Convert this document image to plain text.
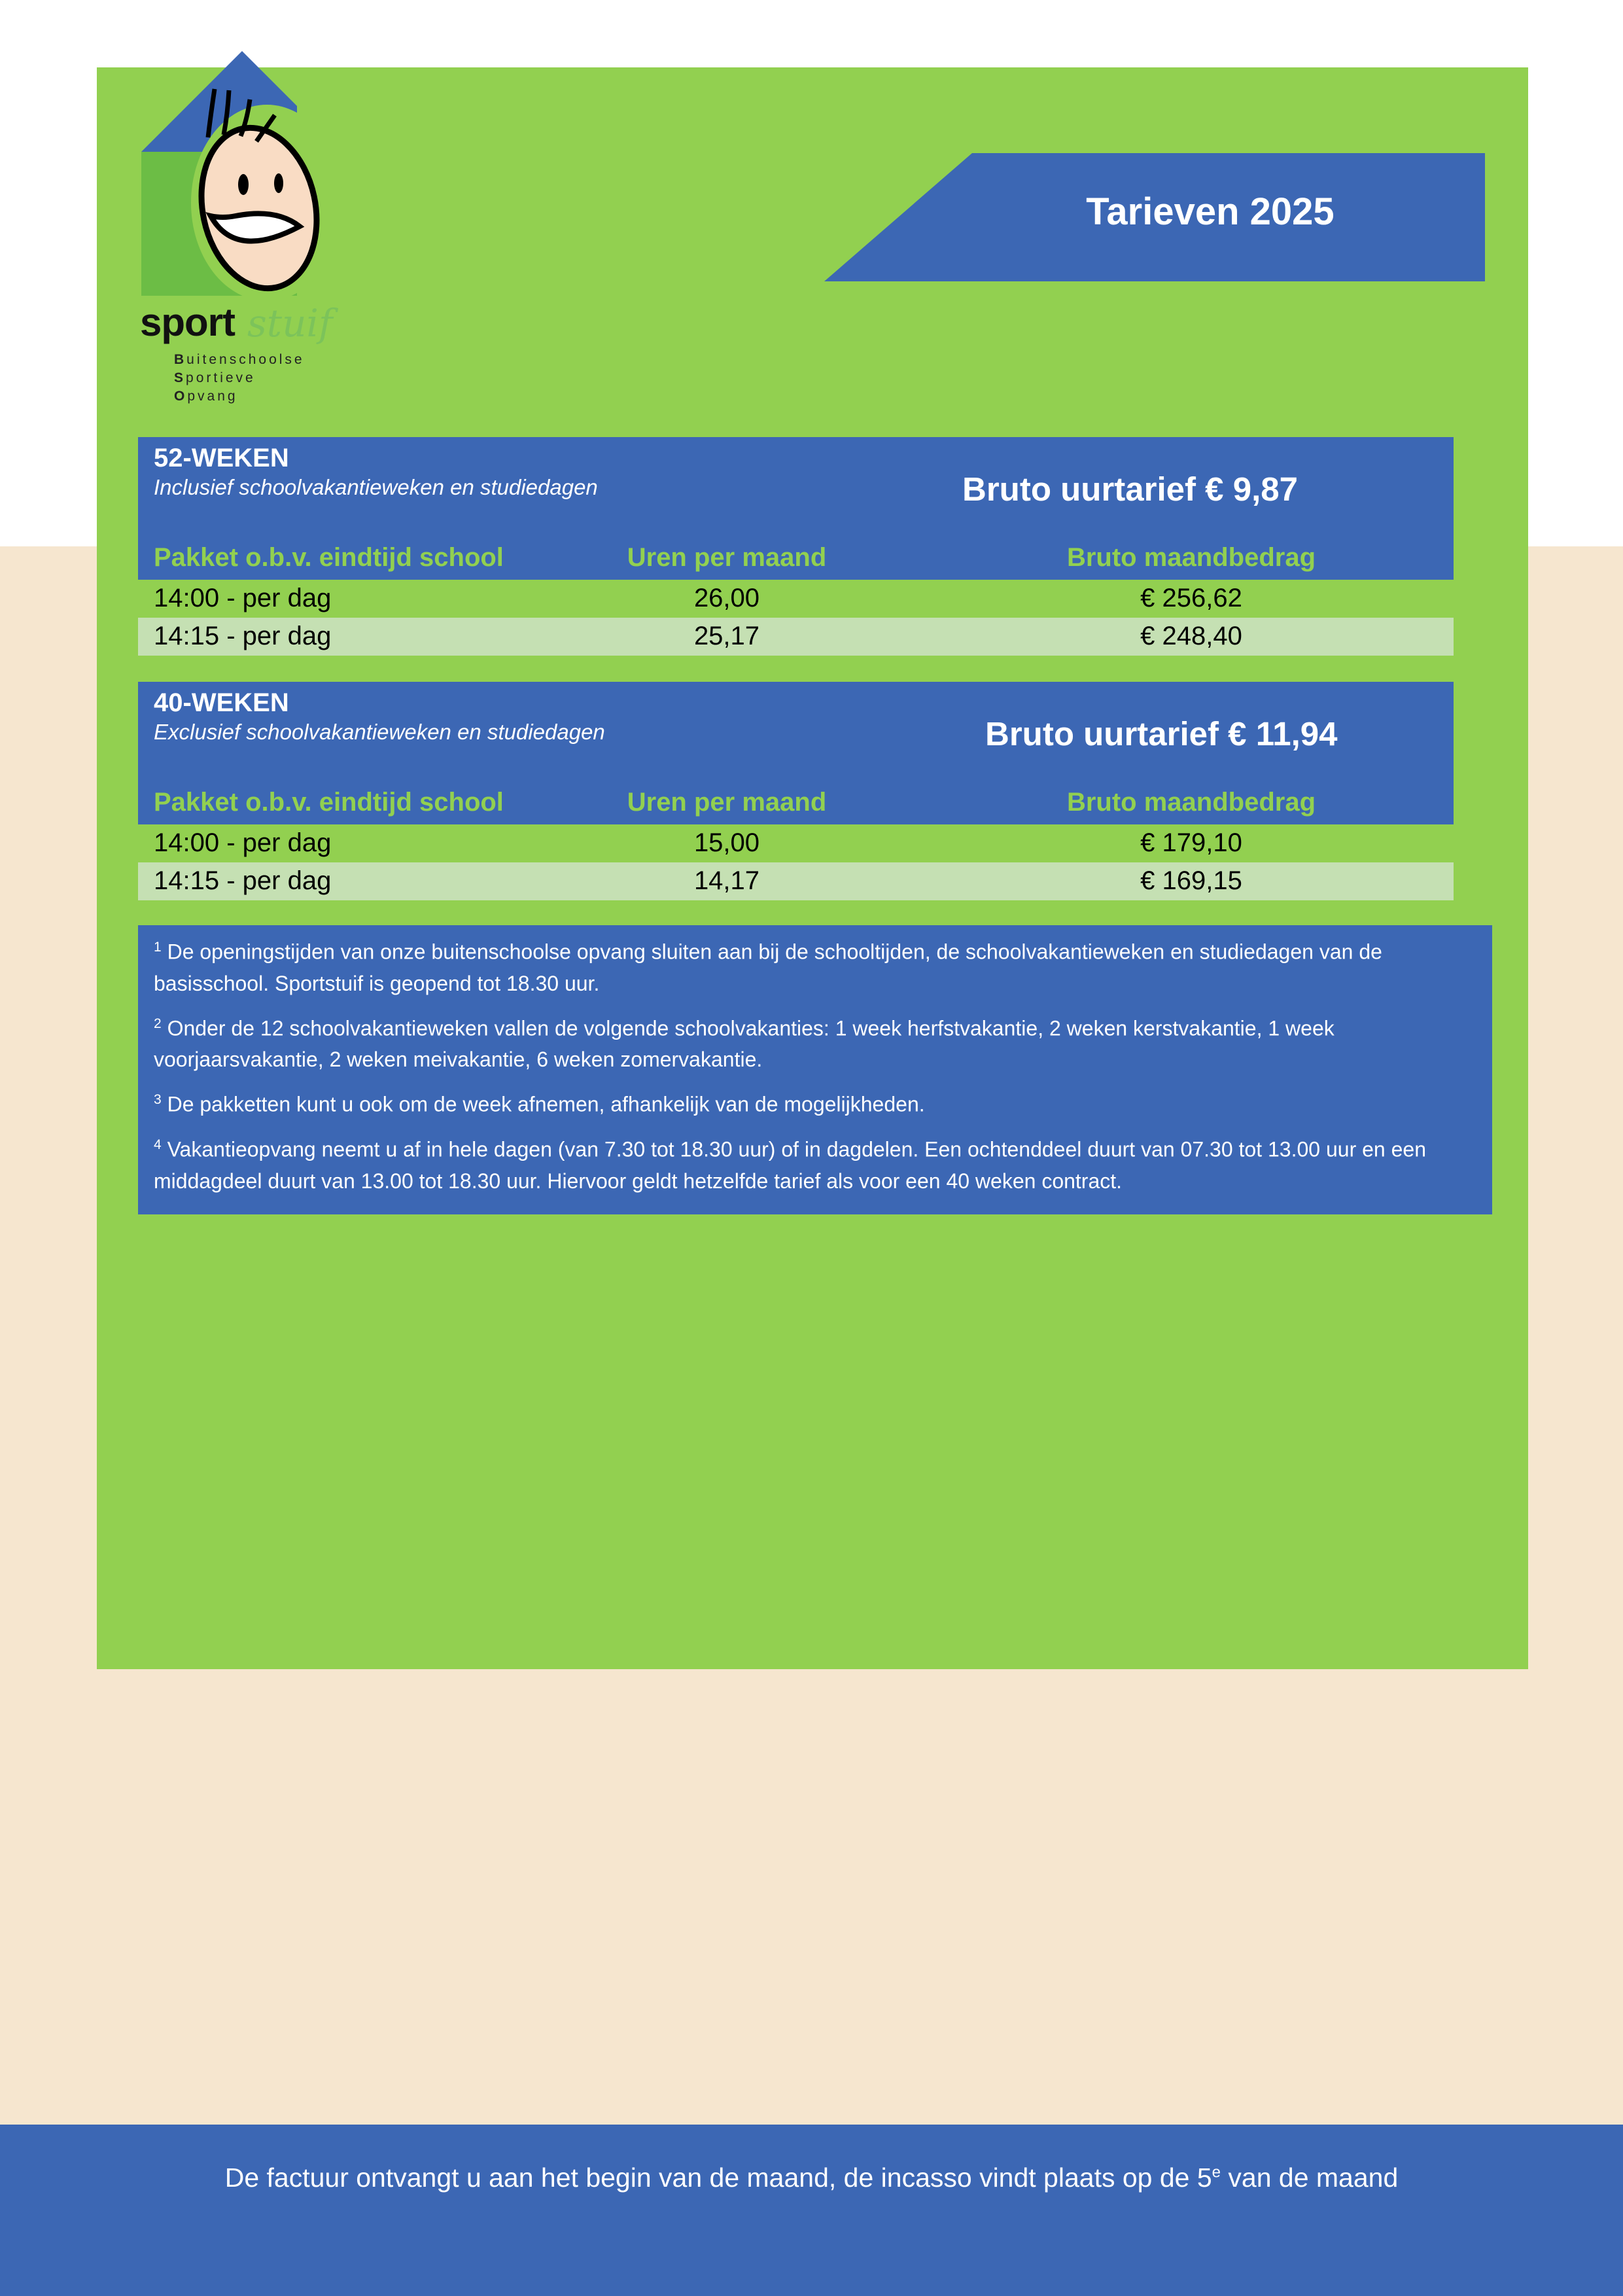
sport stuif
Buitenschoolse
Sportieve
Opvang
Tarieven 2025
52-WEKEN
Inclusief schoolvakantieweken en studiedagen	Bruto uurtarief € 9,87
Pakket o.b.v. eindtijd school	Uren per maand	Bruto maandbedrag
14:00 - per dag	26,00	€ 256,62
14:15 - per dag	25,17	€ 248,40
40-WEKEN
Exclusief schoolvakantieweken en studiedagen	Bruto uurtarief € 11,94
Pakket o.b.v. eindtijd school	Uren per maand	Bruto maandbedrag
14:00 - per dag	15,00	€ 179,10
14:15 - per dag	14,17	€ 169,15

$^1$ De openingstijden van onze buitenschoolse opvang sluiten aan bij de schooltijden, de schoolvakantieweken en studiedagen van de basisschool. Sportstuif is geopend tot 18.30 uur.

$^2$ Onder de 12 schoolvakantieweken vallen de volgende schoolvakanties: 1 week herfstvakantie, 2 weken kerstvakantie, 1 week voorjaarsvakantie, 2 weken meivakantie, 6 weken zomervakantie.

$^3$ De pakketten kunt u ook om de week afnemen, afhankelijk van de mogelijkheden.

$^4$ Vakantieopvang neemt u af in hele dagen (van 7.30 tot 18.30 uur) of in dagdelen. Een ochtenddeel duurt van 07.30 tot 13.00 uur en een middagdeel duurt van 13.00 tot 18.30 uur. Hiervoor geldt hetzelfde tarief als voor een 40 weken contract.

De factuur ontvangt u aan het begin van de maand, de incasso vindt plaats op de 5e van de maand
